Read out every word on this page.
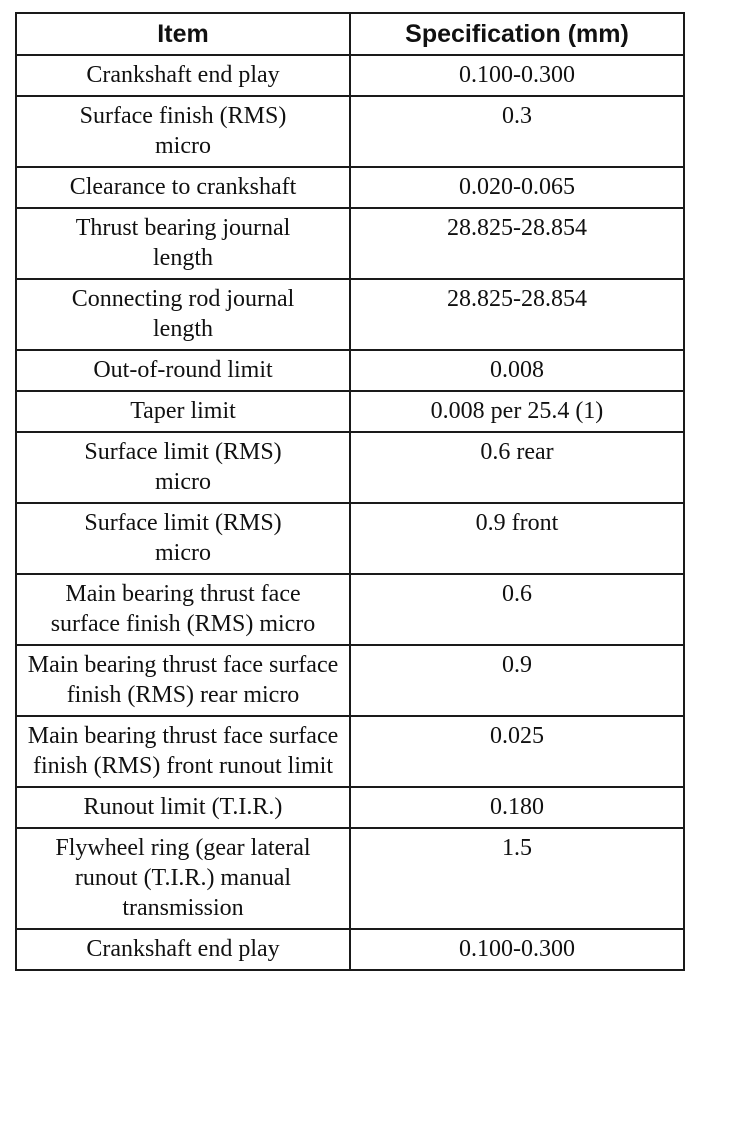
Item	Specification (mm)
Crankshaft end play	0.100-0.300
Surface finish (RMS) micro	0.3
Clearance to crankshaft	0.020-0.065
Thrust bearing journal length	28.825-28.854
Connecting rod journal length	28.825-28.854
Out-of-round limit	0.008
Taper limit	0.008 per 25.4 (1)
Surface limit (RMS) micro	0.6 rear
Surface limit (RMS) micro	0.9 front
Main bearing thrust face surface finish (RMS) micro	0.6
Main bearing thrust face surface finish (RMS) rear micro	0.9
Main bearing thrust face surface finish (RMS) front runout limit	0.025
Runout limit (T.I.R.)	0.180
Flywheel ring (gear lateral runout (T.I.R.) manual transmission	1.5
Crankshaft end play	0.100-0.300
